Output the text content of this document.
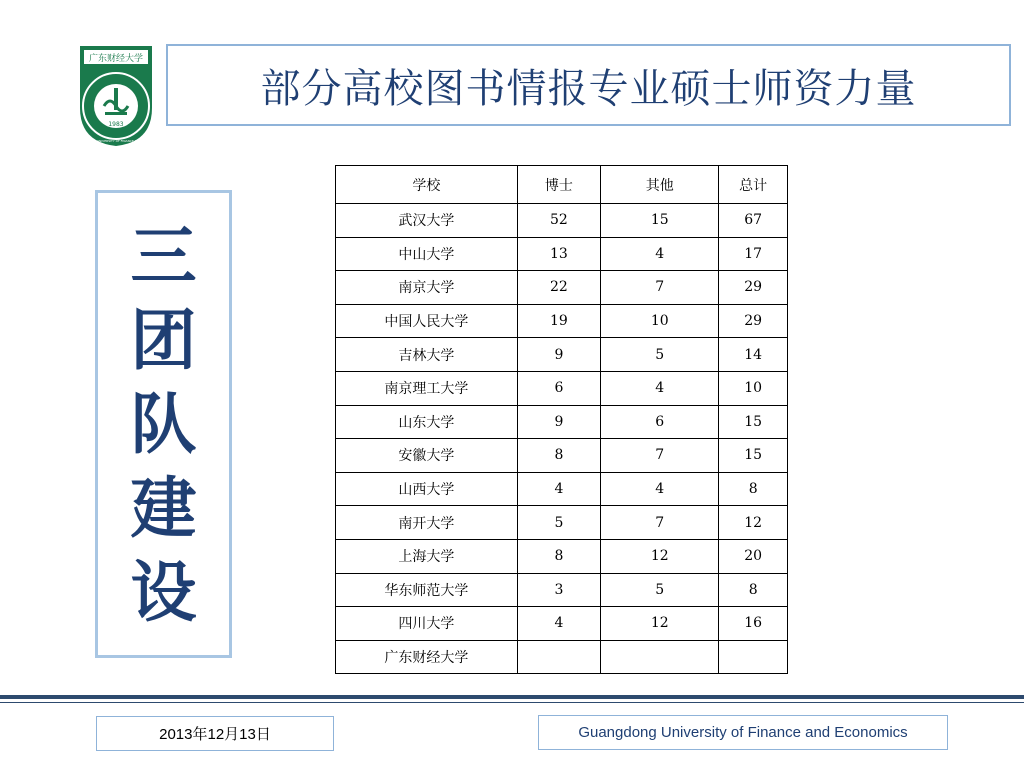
广东财经大学
1983
GUANGDONG UNIVERSITY OF FINANCE & ECONOMICS
部分高校图书情报专业硕士师资力量
三
团
队
建
设
学校	博士	其他	总计
武汉大学	52	15	67
中山大学	13	4	17
南京大学	22	7	29
中国人民大学	19	10	29
吉林大学	9	5	14
南京理工大学	6	4	10
山东大学	9	6	15
安徽大学	8	7	15
山西大学	4	4	8
南开大学	5	7	12
上海大学	8	12	20
华东师范大学	3	5	8
四川大学	4	12	16
广东财经大学			
2013年12月13日	Guangdong University of Finance and Economics
